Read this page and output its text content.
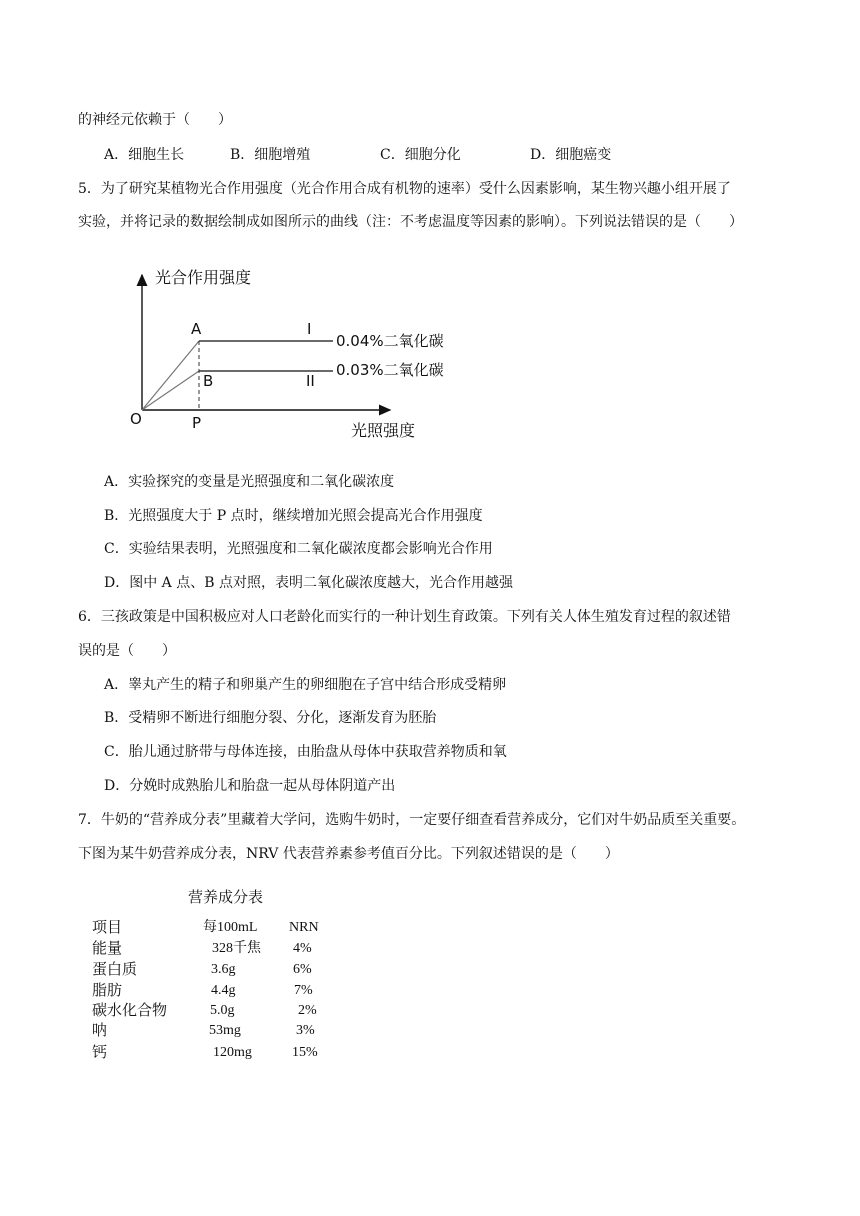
的神经元依赖于（　　）
A．细胞生长	B．细胞增殖	C．细胞分化	D．细胞癌变
5．为了研究某植物光合作用强度（光合作用合成有机物的速率）受什么因素影响，某生物兴趣小组开展了
实验，并将记录的数据绘制成如图所示的曲线（注：不考虑温度等因素的影响）。下列说法错误的是（　　）
光合作用强度
光照强度
O
A
B
P
I
II
0.04%二氧化碳
0.03%二氧化碳
A．实验探究的变量是光照强度和二氧化碳浓度
B．光照强度大于 P 点时，继续增加光照会提高光合作用强度
C．实验结果表明，光照强度和二氧化碳浓度都会影响光合作用
D．图中 A 点、B 点对照，表明二氧化碳浓度越大，光合作用越强
6．三孩政策是中国积极应对人口老龄化而实行的一种计划生育政策。下列有关人体生殖发育过程的叙述错
误的是（　　）
A．睾丸产生的精子和卵巢产生的卵细胞在子宫中结合形成受精卵
B．受精卵不断进行细胞分裂、分化，逐渐发育为胚胎
C．胎儿通过脐带与母体连接，由胎盘从母体中获取营养物质和氧
D．分娩时成熟胎儿和胎盘一起从母体阴道产出
7．牛奶的“营养成分表”里藏着大学问，选购牛奶时，一定要仔细查看营养成分，它们对牛奶品质至关重要。
下图为某牛奶营养成分表，NRV 代表营养素参考值百分比。下列叙述错误的是（　　）
营养成分表
项目	每100mL NRN
能量	328千焦 4%
蛋白质	3.6g	6%
脂肪	4.4g	7%
碳水化合物	5.0g	2%
呐	53mg	3%
钙	120mg	15%
